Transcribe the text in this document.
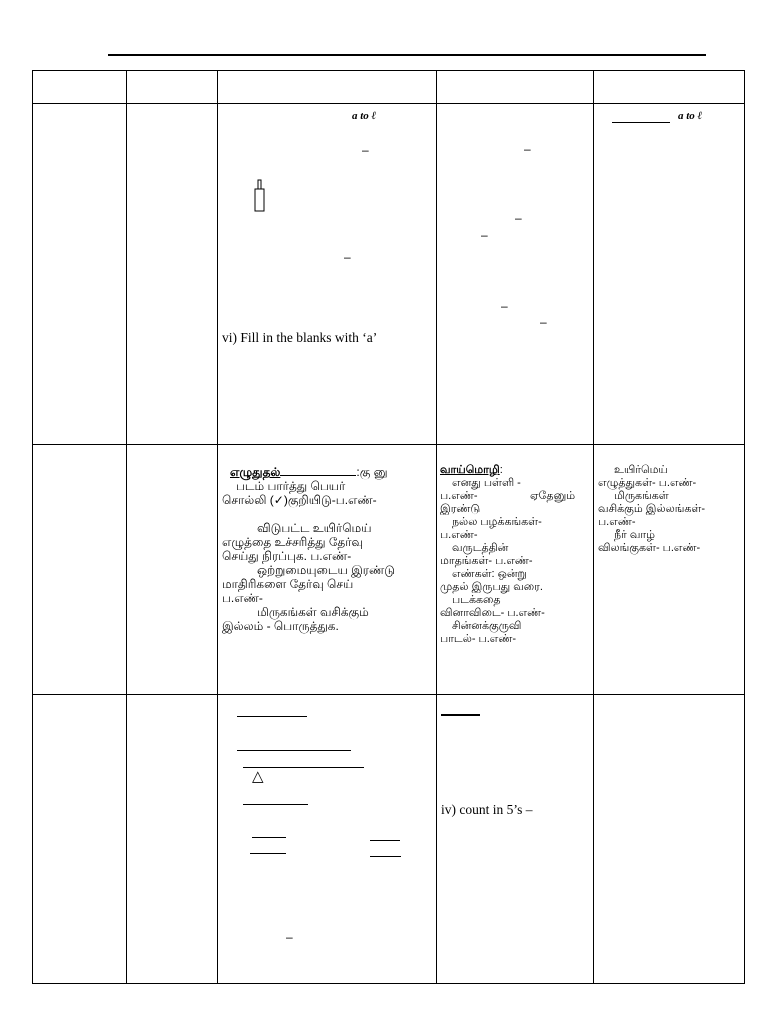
a to ℓ
–
–
vi) Fill in the blanks with ‘a’
–
–
–
–
–
a to ℓ
எழுதுதல்	:கு னு
படம் பார்த்து பெயர்
சொல்லி (✓)குறியிடு-ப.எண்-
விடுபட்ட உயிர்மெய்
எழுத்தை உச்சரித்து தேர்வு
செய்து நிரப்புக. ப.எண்-
ஒற்றுமையுடைய இரண்டு
மாதிரிகளை தேர்வு செய்
ப.எண்-
மிருகங்கள் வசிக்கும்
இல்லம் - பொருத்துக.
வாய்மொழி:
எனது பள்ளி -
ப.எண்-	ஏதேனும்
இரண்டு
நல்ல பழக்கங்கள்-
ப.எண்-
வருடத்தின்
மாதங்கள்- ப.எண்-
எண்கள்: ஒன்று
முதல் இருபது வரை.
படக்கதை
வினாவிடை- ப.எண்-
சின்னக்குருவி
பாடல்- ப.எண்-
உயிர்மெய்
எழுத்துகள்- ப.எண்-
மிருகங்கள்
வசிக்கும் இல்லங்கள்-
ப.எண்-
நீர் வாழ்
விலங்குகள்- ப.எண்-
△
–
iv) count in 5’s –
